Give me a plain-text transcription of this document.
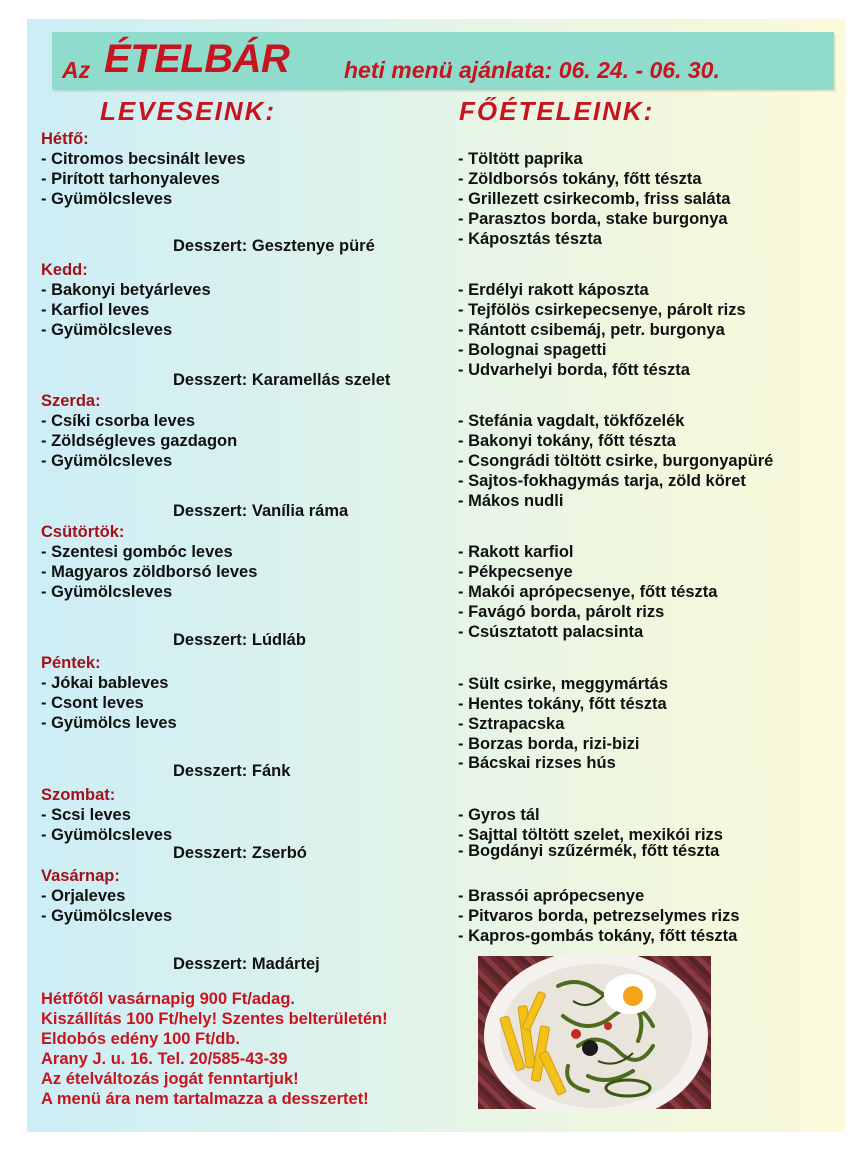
Az ÉTELBÁR heti menü ajánlata: 06. 24. - 06. 30.
LEVESEINK:	FŐÉTELEINK:
Hétfő:
- Citromos becsinált leves
- Pirított tarhonyaleves
- Gyümölcsleves
Desszert: Gesztenye püré
Kedd:
- Bakonyi betyárleves
- Karfiol leves
- Gyümölcsleves
Desszert: Karamellás szelet
Szerda:
- Csíki csorba leves
- Zöldségleves gazdagon
- Gyümölcsleves
Desszert: Vanília ráma
Csütörtök:
- Szentesi gombóc leves
- Magyaros zöldborsó leves
- Gyümölcsleves
Desszert: Lúdláb
Péntek:
- Jókai bableves
- Csont leves
- Gyümölcs leves
Desszert: Fánk
Szombat:
- Scsi leves
- Gyümölcsleves
Desszert: Zserbó
Vasárnap:
- Orjaleves
- Gyümölcsleves
Desszert: Madártej
Hétfőtől vasárnapig 900 Ft/adag.
Kiszállítás 100 Ft/hely! Szentes belterületén!
Eldobós edény 100 Ft/db.
Arany J. u. 16. Tel. 20/585-43-39
Az ételváltozás jogát fenntartjuk!
A menü ára nem tartalmazza a desszertet!
- Töltött paprika
- Zöldborsós tokány, főtt tészta
- Grillezett csirkecomb, friss saláta
- Parasztos borda, stake burgonya
- Káposztás tészta
- Erdélyi rakott káposzta
- Tejfölös csirkepecsenye, párolt rizs
- Rántott csibemáj, petr. burgonya
- Bolognai spagetti
- Udvarhelyi borda, főtt tészta
- Stefánia vagdalt, tökfőzelék
- Bakonyi tokány, főtt tészta
- Csongrádi töltött csirke, burgonyapüré
- Sajtos-fokhagymás tarja, zöld köret
- Mákos nudli
- Rakott karfiol
- Pékpecsenye
- Makói aprópecsenye, főtt tészta
- Favágó borda, párolt rizs
- Csúsztatott palacsinta
- Sült csirke, meggymártás
- Hentes tokány, főtt tészta
- Sztrapacska
- Borzas borda, rizi-bizi
- Bácskai rizses hús
- Gyros tál
- Sajttal töltött szelet, mexikói rizs
- Bogdányi szűzérmék, főtt tészta
- Brassói aprópecsenye
- Pitvaros borda, petrezselymes rizs
- Kapros-gombás tokány, főtt tészta
